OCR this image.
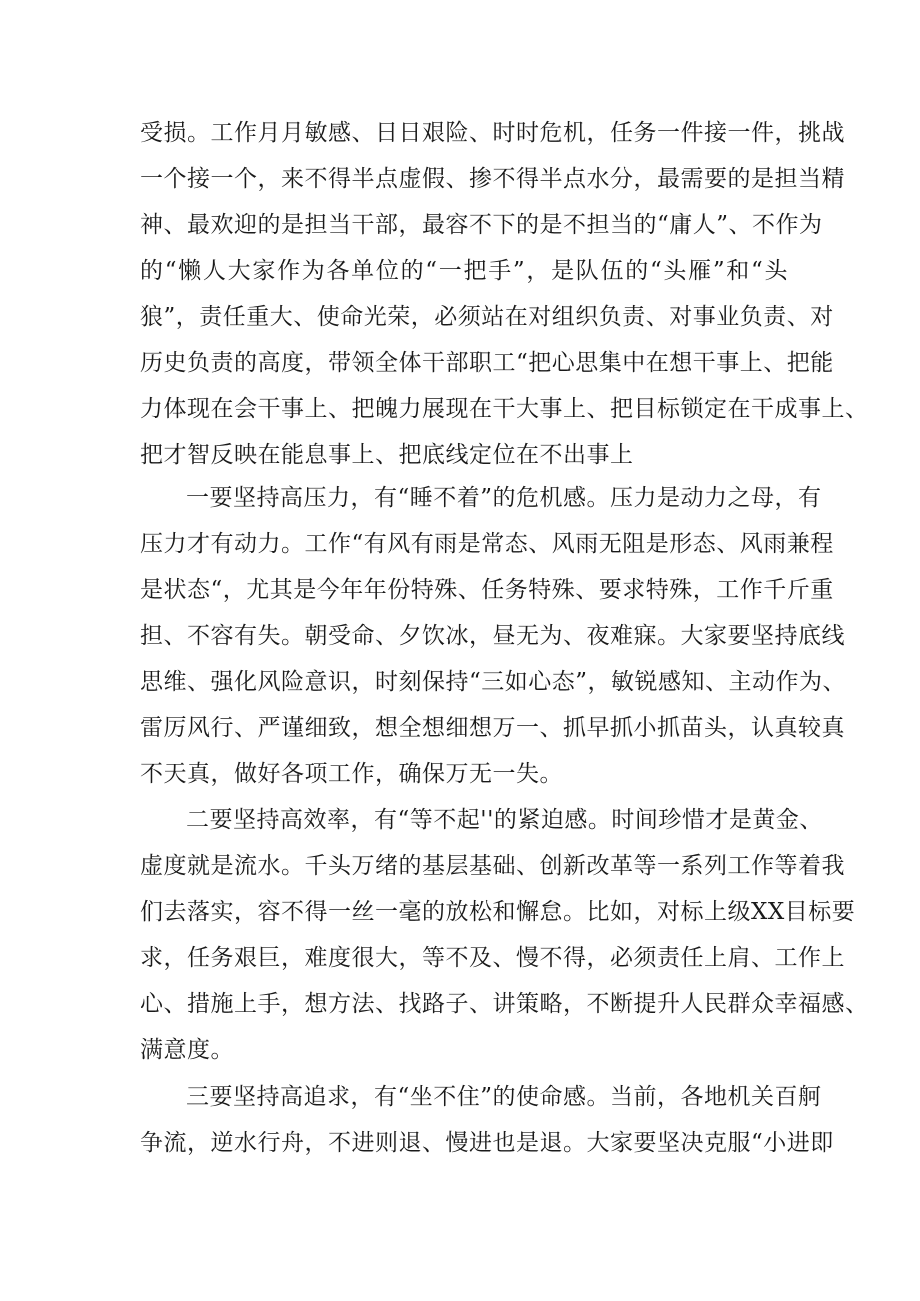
受损。工作月月敏感、日日艰险、时时危机，任务一件接一件，挑战
一个接一个，来不得半点虚假、掺不得半点水分，最需要的是担当精
神、最欢迎的是担当干部，最容不下的是不担当的“庸人”、不作为
的“懒人大家作为各单位的“一把手”，是队伍的“头雁”和“头
狼”，责任重大、使命光荣，必须站在对组织负责、对事业负责、对
历史负责的高度，带领全体干部职工“把心思集中在想干事上、把能
力体现在会干事上、把魄力展现在干大事上、把目标锁定在干成事上、
把才智反映在能息事上、把底线定位在不出事上
一要坚持高压力，有“睡不着”的危机感。压力是动力之母，有
压力才有动力。工作“有风有雨是常态、风雨无阻是形态、风雨兼程
是状态“，尤其是今年年份特殊、任务特殊、要求特殊，工作千斤重
担、不容有失。朝受命、夕饮冰，昼无为、夜难寐。大家要坚持底线
思维、强化风险意识，时刻保持“三如心态”，敏锐感知、主动作为、
雷厉风行、严谨细致，想全想细想万一、抓早抓小抓苗头，认真较真
不天真，做好各项工作，确保万无一失。
二要坚持高效率，有“等不起''的紧迫感。时间珍惜才是黄金、
虚度就是流水。千头万绪的基层基础、创新改革等一系列工作等着我
们去落实，容不得一丝一毫的放松和懈怠。比如，对标上级XX目标要
求，任务艰巨，难度很大，等不及、慢不得，必须责任上肩、工作上
心、措施上手，想方法、找路子、讲策略，不断提升人民群众幸福感、
满意度。
三要坚持高追求，有“坐不住”的使命感。当前，各地机关百舸
争流，逆水行舟，不进则退、慢进也是退。大家要坚决克服“小进即
